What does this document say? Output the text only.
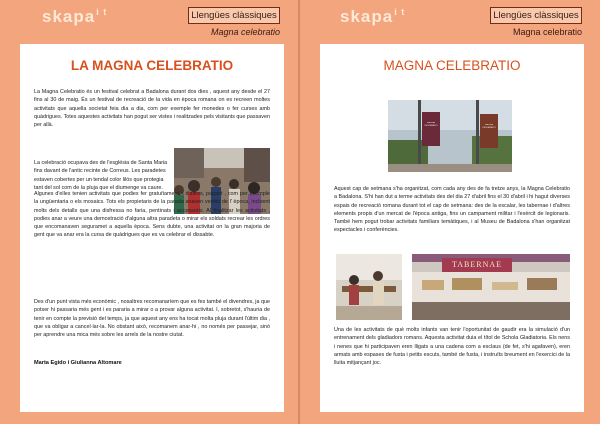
skapa$^{i t}$	Llengües clàssiques
Magna celebratio
LA MAGNA CELEBRATIO
La Magna Celebratio és un festival celebrat a Badalona durant dos dies , aquest any desde el 27 fins al 30 de maig. És un festival de recreació de la vida en època romana on es recreen moltes activitats que aquella societat feia dia a dia, com per exemple fer monedes o fer curses amb quàdrigues. Totes aquestes activitats han pogut ser vistes i realitzades pels visitants que passaven per allà.
La celebració ocupava des de l'església de Santa Maria fins davant de l'antic recinte de Correus. Les paradetes estaven cobertes per un tendal color lilós que protegia tant del sol com de la pluja que el diumenge va caure.
Algunes d'elles tenien activitats que podies fer gratuïtament, i d'altres, pagant , com per exemple la ungüentaria o els mosaics. Tots els propietaris de la parada anaven vestits de l' època, incloent molts dels detalls que una disfressa no faria, pentinats i accessoris. Al finalitzar les activitats , podies anar a veure una demostració d'alguna altra paradeta o mirar els soldats recrear les ordres que encomanaven seguramet a aquella època. Sens dubte, una activitat on la gran majoria de gent que va anar era la cursa de quàdrigues que es va celebrar el dissabte.
Des d'un punt vista més econòmic , nosaltres recomanaríem que es fes també el divendres, ja que potser hi passaria més gent i es pararia a mirar o a provar alguna activitat. I, sobretot, s'hauria de tenir en compte la previsió del temps, ja que aquest any ens ha tocat molta pluja durant l'últim dia , que va obligar a cancel·lar-la. No obstant això, recomanem anar-hi , no només per passejar, sinó per aprendre una mica més sobre les arrels de la nostre ciutat.
Marta Egido i Giulianna Altomare
skapa$^{i t}$	Llengües clàssiques
Magna celebratio
MAGNA CELEBRATIO
MAGNA CELEBRATIO	MAGNA CELEBRATIO
Aquest cap de setmana s'ha organitzat, com cada any des de fa tretze anys, la Magna Celebratio a Badalona. S'hi han dut a terme activitats des del dia 27 d'abril fins el 30 d'abril i hi hagut diverses espais de recreació romana durant tot el cap de setmana: des de la escalar, les tabernae i d'altres elements propis d'un mercat de l'època antiga, fins un campament militar i l'exèrcit de legionaris. També hem pogut trobar activitats familiars temàtiques, i al Museu de Badalona s'han organitzat espectacles i conferències.
TABERNAE
Una de les activitats de què molts infants van tenir l'oportunitat de gaudir era la simulació d'un entrenament dels gladiadors romans. Aquesta activitat duia el títol de Schola Gladiatoria. Els nens i nenes que hi participaven eren lligats a una cadena com a esclaus (de fet, s'hi agafaven), eren armats amb espases de fusta i petits escuts, també de fusta, i instruïts breument en l'exercici de la lluita mitjançant joc.
